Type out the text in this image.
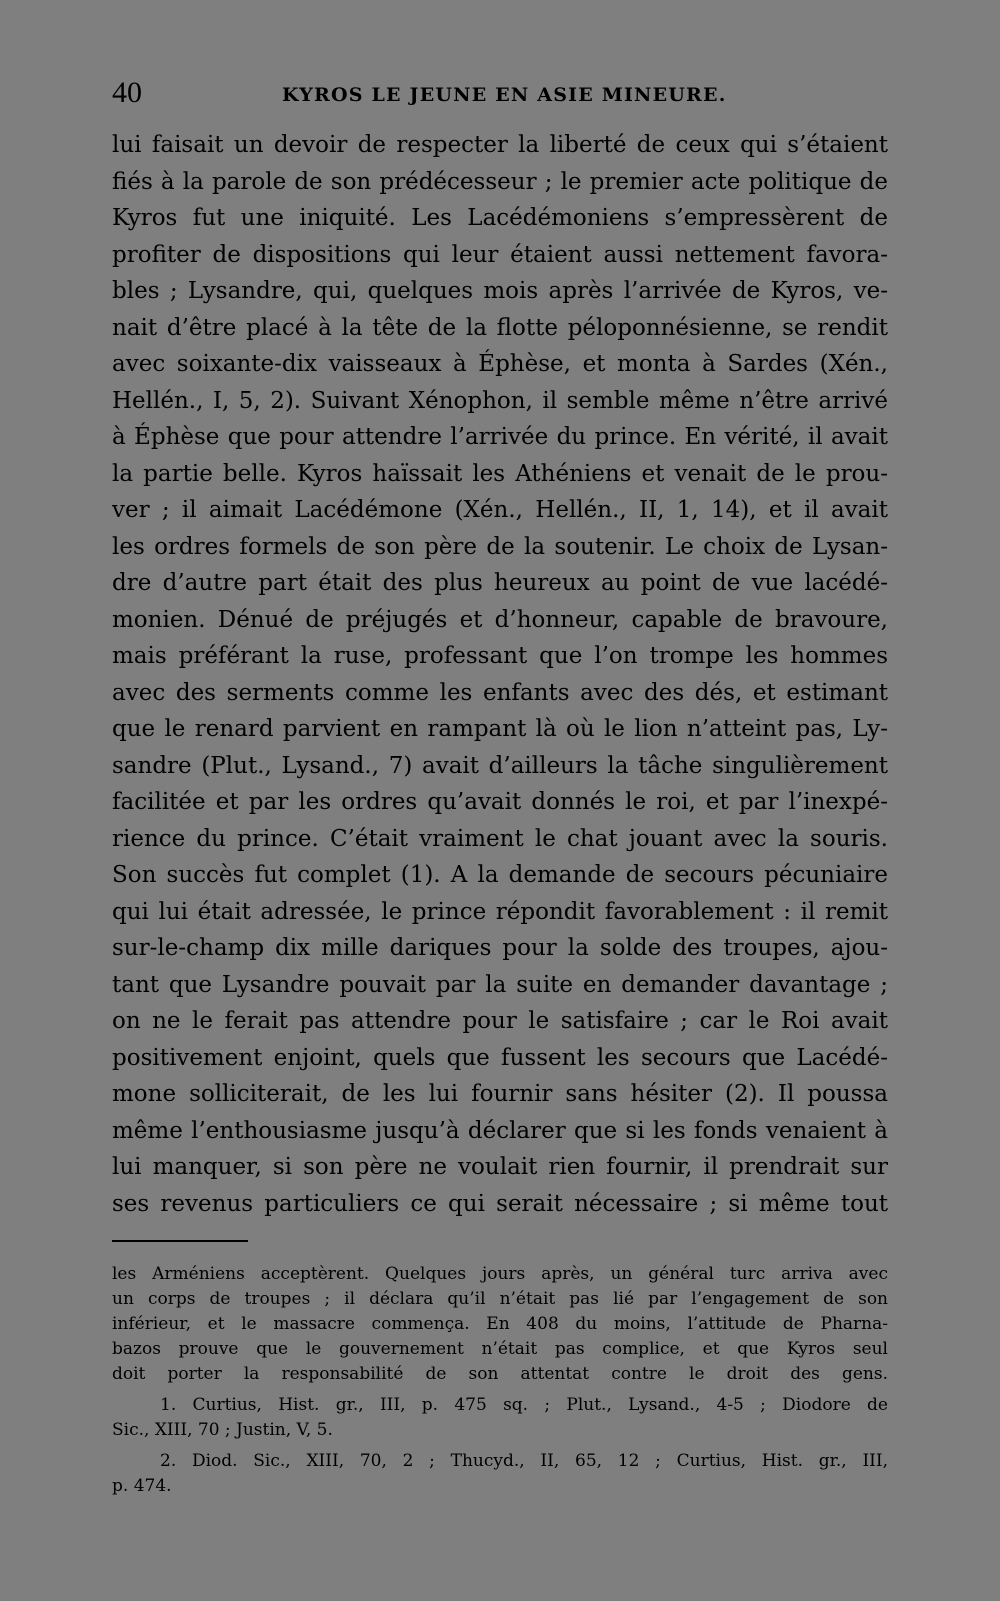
40	KYROS LE JEUNE EN ASIE MINEURE.
lui faisait un devoir de respecter la liberté de ceux qui s’étaient
fiés à la parole de son prédécesseur ; le premier acte politique de
Kyros fut une iniquité. Les Lacédémoniens s’empressèrent de
profiter de dispositions qui leur étaient aussi nettement favora-
bles ; Lysandre, qui, quelques mois après l’arrivée de Kyros, ve-
nait d’être placé à la tête de la flotte péloponnésienne, se rendit
avec soixante-dix vaisseaux à Éphèse, et monta à Sardes (Xén.,
Hellén., I, 5, 2). Suivant Xénophon, il semble même n’être arrivé
à Éphèse que pour attendre l’arrivée du prince. En vérité, il avait
la partie belle. Kyros haïssait les Athéniens et venait de le prou-
ver ; il aimait Lacédémone (Xén., Hellén., II, 1, 14), et il avait
les ordres formels de son père de la soutenir. Le choix de Lysan-
dre d’autre part était des plus heureux au point de vue lacédé-
monien. Dénué de préjugés et d’honneur, capable de bravoure,
mais préférant la ruse, professant que l’on trompe les hommes
avec des serments comme les enfants avec des dés, et estimant
que le renard parvient en rampant là où le lion n’atteint pas, Ly-
sandre (Plut., Lysand., 7) avait d’ailleurs la tâche singulièrement
facilitée et par les ordres qu’avait donnés le roi, et par l’inexpé-
rience du prince. C’était vraiment le chat jouant avec la souris.
Son succès fut complet (1). A la demande de secours pécuniaire
qui lui était adressée, le prince répondit favorablement : il remit
sur-le-champ dix mille dariques pour la solde des troupes, ajou-
tant que Lysandre pouvait par la suite en demander davantage ;
on ne le ferait pas attendre pour le satisfaire ; car le Roi avait
positivement enjoint, quels que fussent les secours que Lacédé-
mone solliciterait, de les lui fournir sans hésiter (2). Il poussa
même l’enthousiasme jusqu’à déclarer que si les fonds venaient à
lui manquer, si son père ne voulait rien fournir, il prendrait sur
ses revenus particuliers ce qui serait nécessaire ; si même tout
les Arméniens acceptèrent. Quelques jours après, un général turc arriva avec
un corps de troupes ; il déclara qu’il n’était pas lié par l’engagement de son
inférieur, et le massacre commença. En 408 du moins, l’attitude de Pharna-
bazos prouve que le gouvernement n’était pas complice, et que Kyros seul
doit porter la responsabilité de son attentat contre le droit des gens.
1. Curtius, Hist. gr., III, p. 475 sq. ; Plut., Lysand., 4-5 ; Diodore de
Sic., XIII, 70 ; Justin, V, 5.
2. Diod. Sic., XIII, 70, 2 ; Thucyd., II, 65, 12 ; Curtius, Hist. gr., III,
p. 474.
